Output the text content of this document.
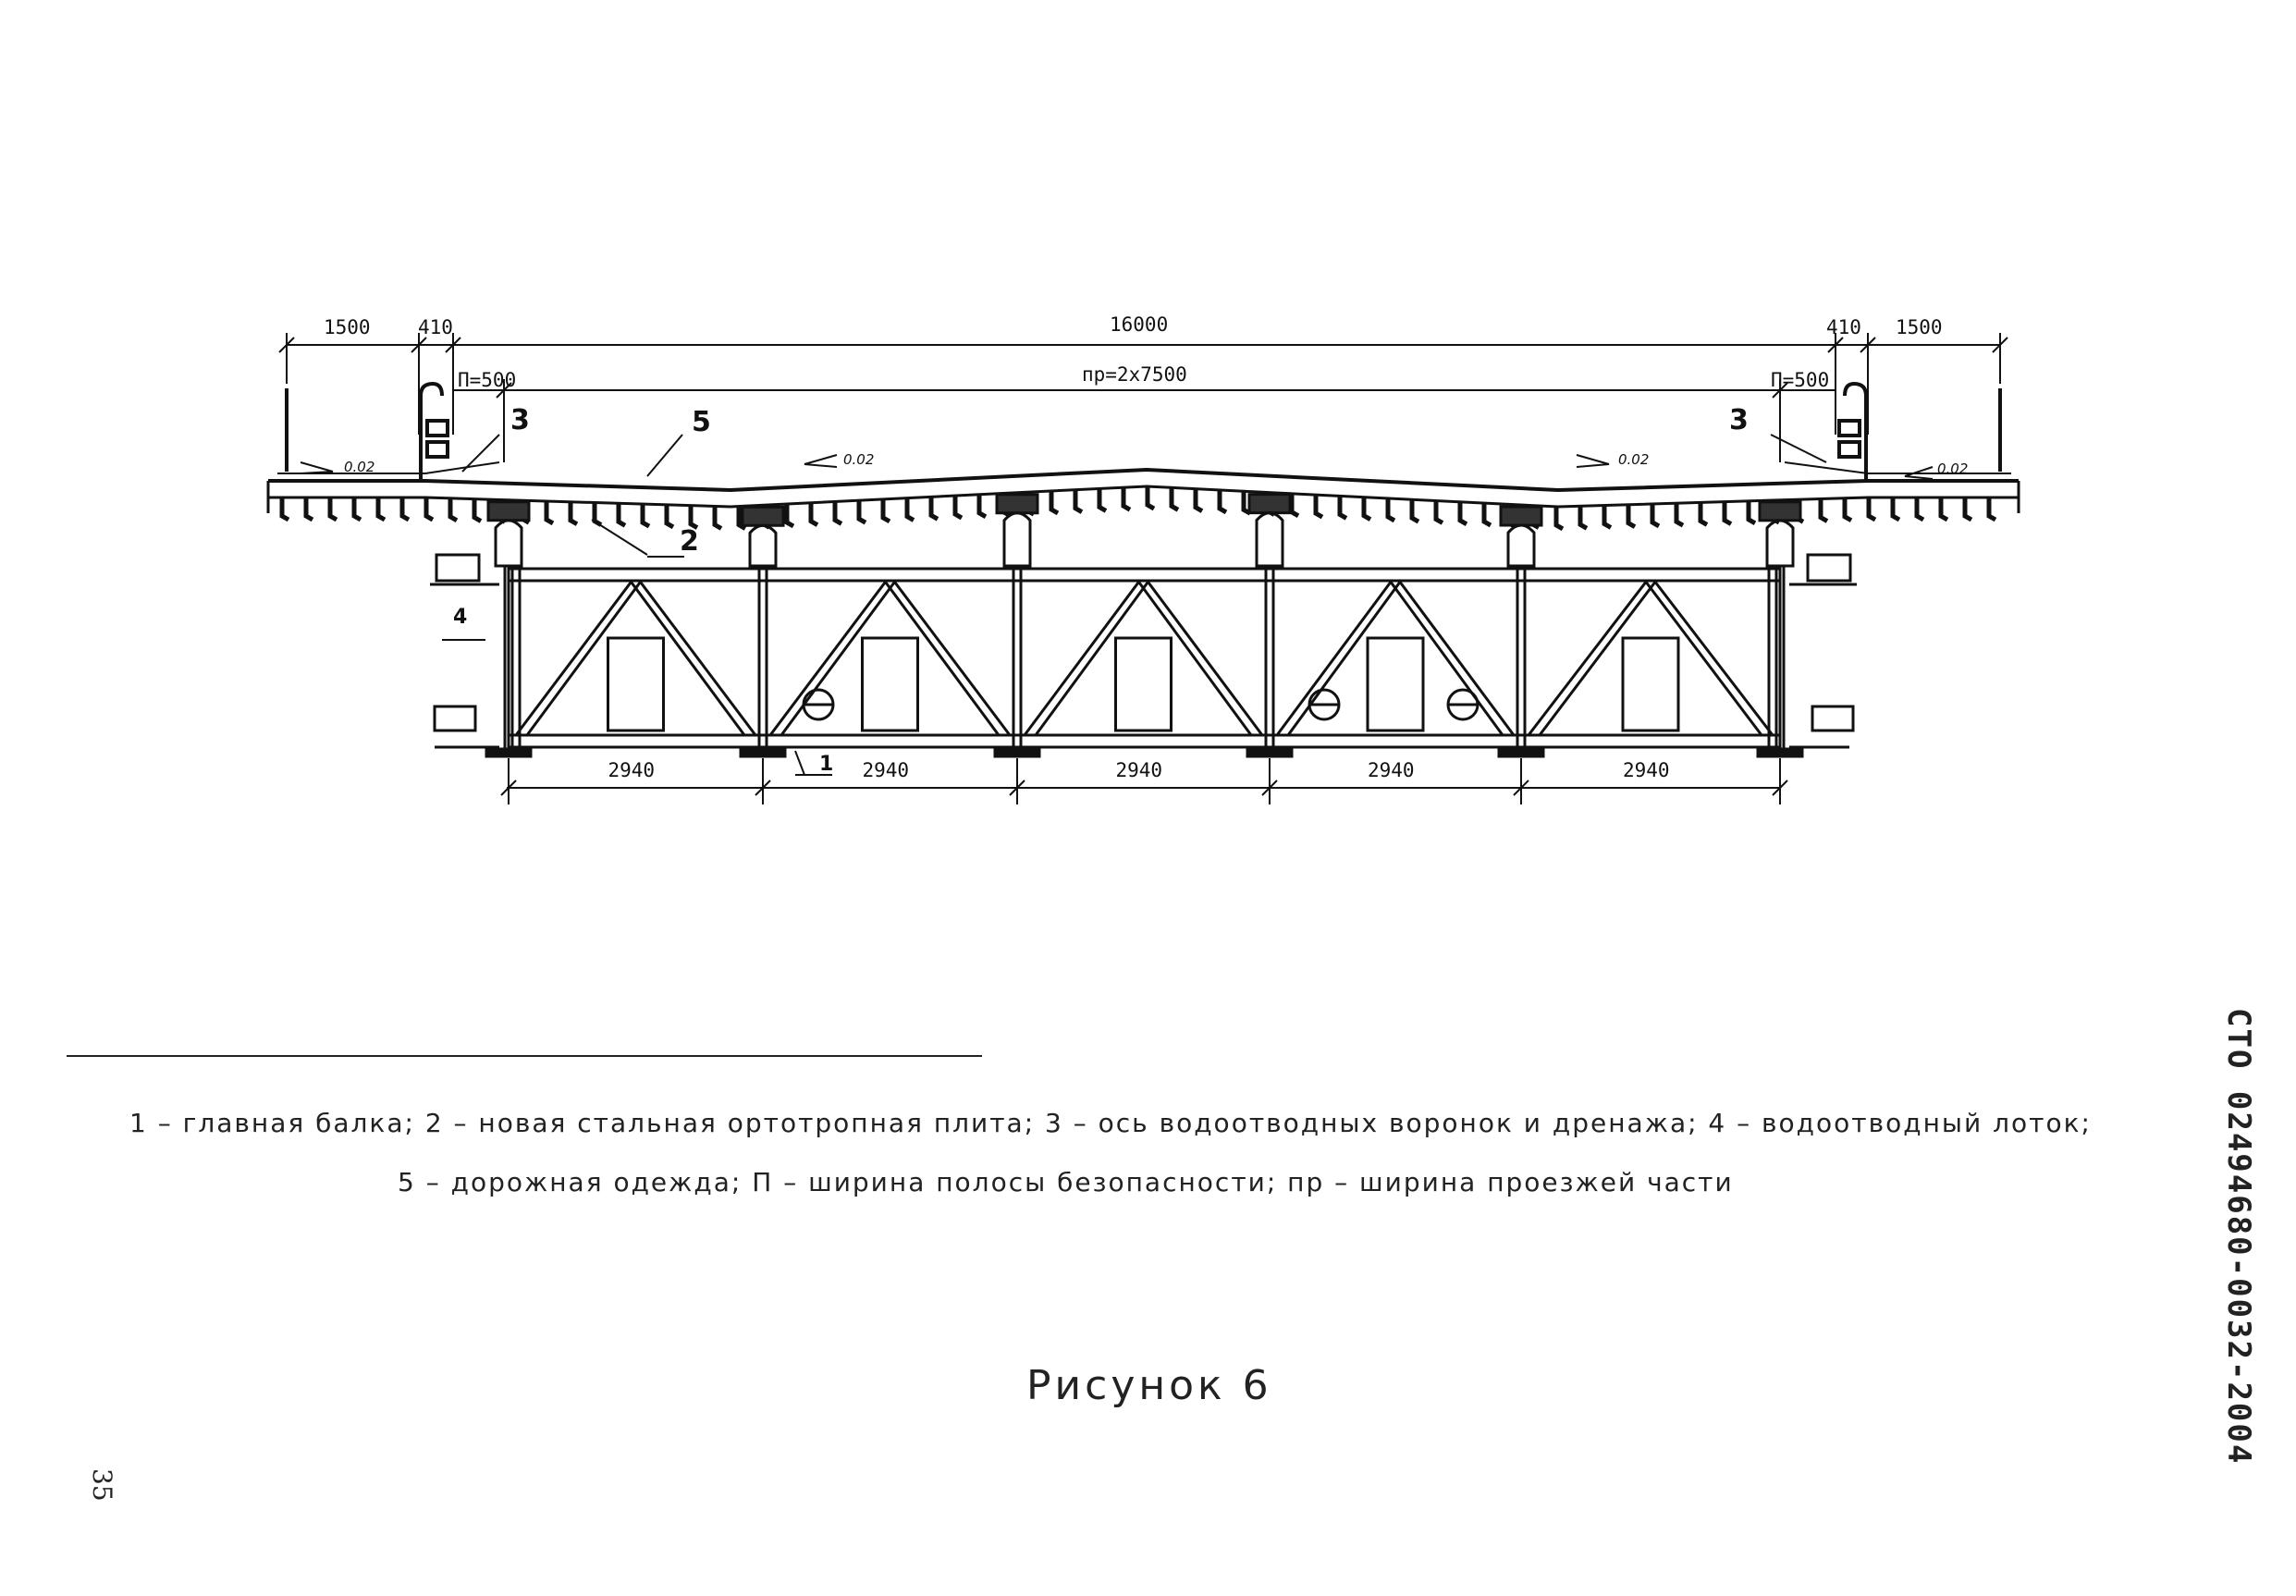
1500 410	16000	410 1500
П=500	пр=2х7500	П=500
2940	2940	2940	2940	2940
0.02	0.02	0.02
0.02
3	5
2
3
4
1
1 – главная балка; 2 – новая стальная ортотропная плита; 3 – ось водоотводных воронок и дренажа; 4 – водоотводный лоток;
5 – дорожная одежда; П – ширина полосы безопасности; пр – ширина проезжей части
Рисунок 6	СТО 02494680-0032-2004
35
